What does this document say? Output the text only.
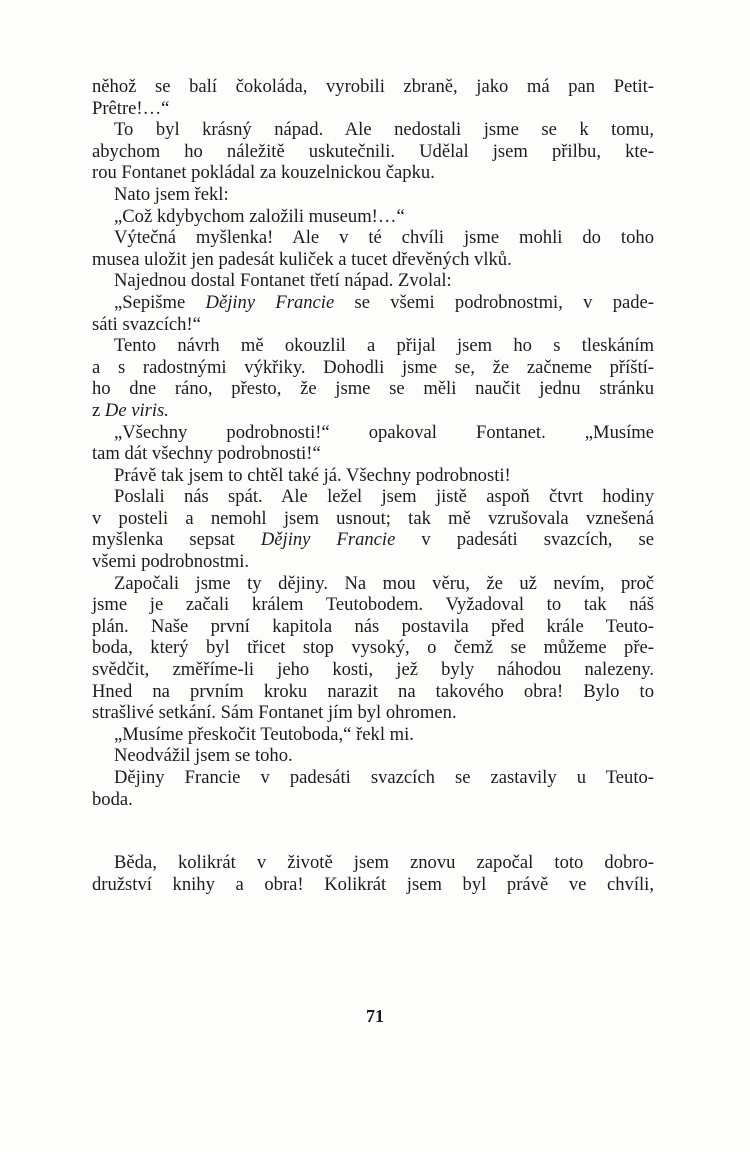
něhož se balí čokoláda, vyrobili zbraně, jako má pan Petit-
Prêtre!…“
To byl krásný nápad. Ale nedostali jsme se k tomu,
abychom ho náležitě uskutečnili. Udělal jsem přilbu, kte-
rou Fontanet pokládal za kouzelnickou čapku.
Nato jsem řekl:
„Což kdybychom založili museum!…“
Výtečná myšlenka! Ale v té chvíli jsme mohli do toho
musea uložit jen padesát kuliček a tucet dřevěných vlků.
Najednou dostal Fontanet třetí nápad. Zvolal:
„Sepišme Dějiny Francie se všemi podrobnostmi, v pade-
sáti svazcích!“
Tento návrh mě okouzlil a přijal jsem ho s tleskáním
a s radostnými výkřiky. Dohodli jsme se, že začneme příští-
ho dne ráno, přesto, že jsme se měli naučit jednu stránku
z De viris.
„Všechny podrobnosti!“ opakoval Fontanet. „Musíme
tam dát všechny podrobnosti!“
Právě tak jsem to chtěl také já. Všechny podrobnosti!
Poslali nás spát. Ale ležel jsem jistě aspoň čtvrt hodiny
v posteli a nemohl jsem usnout; tak mě vzrušovala vznešená
myšlenka sepsat Dějiny Francie v padesáti svazcích, se
všemi podrobnostmi.
Započali jsme ty dějiny. Na mou věru, že už nevím, proč
jsme je začali králem Teutobodem. Vyžadoval to tak náš
plán. Naše první kapitola nás postavila před krále Teuto-
boda, který byl třicet stop vysoký, o čemž se můžeme pře-
svědčit, změříme-li jeho kosti, jež byly náhodou nalezeny.
Hned na prvním kroku narazit na takového obra! Bylo to
strašlivé setkání. Sám Fontanet jím byl ohromen.
„Musíme přeskočit Teutoboda,“ řekl mi.
Neodvážil jsem se toho.
Dějiny Francie v padesáti svazcích se zastavily u Teuto-
boda.
Běda, kolikrát v životě jsem znovu započal toto dobro-
družství knihy a obra! Kolikrát jsem byl právě ve chvíli,
71
